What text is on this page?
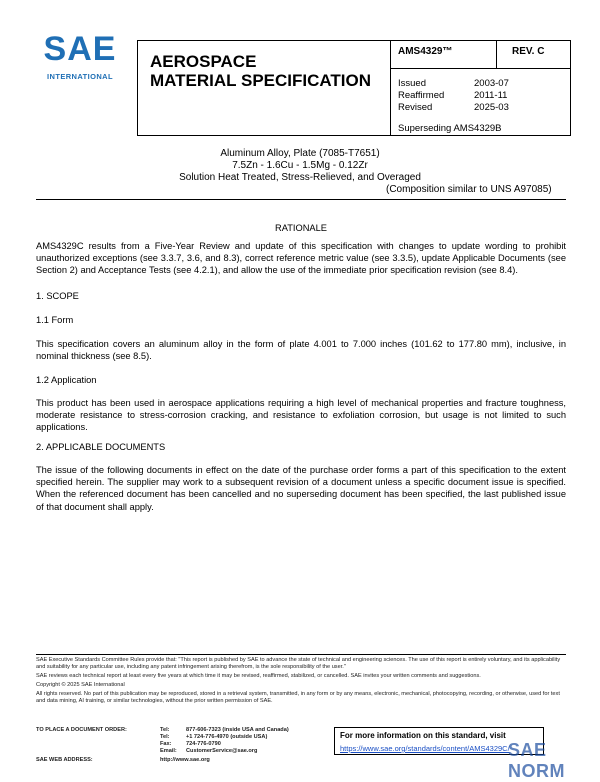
SAE
INTERNATIONAL
AEROSPACE
MATERIAL SPECIFICATION
AMS4329™	REV. C
Issued	2003-07
Reaffirmed	2011-11
Revised	2025-03
Superseding AMS4329B
Aluminum Alloy, Plate (7085-T7651)
7.5Zn - 1.6Cu - 1.5Mg - 0.12Zr
Solution Heat Treated, Stress-Relieved, and Overaged
(Composition similar to UNS A97085)
RATIONALE
AMS4329C results from a Five-Year Review and update of this specification with changes to update wording to prohibit unauthorized exceptions (see 3.3.7, 3.6, and 8.3), correct reference metric value (see 3.3.5), update Applicable Documents (see Section 2) and Acceptance Tests (see 4.2.1), and allow the use of the immediate prior specification revision (see 8.4).
1. SCOPE
1.1 Form
This specification covers an aluminum alloy in the form of plate 4.001 to 7.000 inches (101.62 to 177.80 mm), inclusive, in nominal thickness (see 8.5).
1.2 Application
This product has been used in aerospace applications requiring a high level of mechanical properties and fracture toughness, moderate resistance to stress-corrosion cracking, and resistance to exfoliation corrosion, but usage is not limited to such applications.
2. APPLICABLE DOCUMENTS
The issue of the following documents in effect on the date of the purchase order forms a part of this specification to the extent specified herein. The supplier may work to a subsequent revision of a document unless a specific document issue is specified. When the referenced document has been cancelled and no superseding document has been specified, the last published issue of that document shall apply.
SAE Executive Standards Committee Rules provide that: "This report is published by SAE to advance the state of technical and engineering sciences. The use of this report is entirely voluntary, and its applicability and suitability for any particular use, including any patent infringement arising therefrom, is the sole responsibility of the user."
SAE reviews each technical report at least every five years at which time it may be revised, reaffirmed, stabilized, or cancelled. SAE invites your written comments and suggestions.
Copyright © 2025 SAE International
All rights reserved. No part of this publication may be reproduced, stored in a retrieval system, transmitted, in any form or by any means, electronic, mechanical, photocopying, recording, or otherwise, used for text and data mining, AI training, or similar technologies, without the prior written permission of SAE.
TO PLACE A DOCUMENT ORDER:	Tel:	877-606-7323 (inside USA and Canada)
Tel:	+1 724-776-4970 (outside USA)
Fax:	724-776-0790
Email: CustomerService@sae.org
SAE WEB ADDRESS:	http://www.sae.org
For more information on this standard, visit
https://www.sae.org/standards/content/AMS4329C/
SAE NORM
